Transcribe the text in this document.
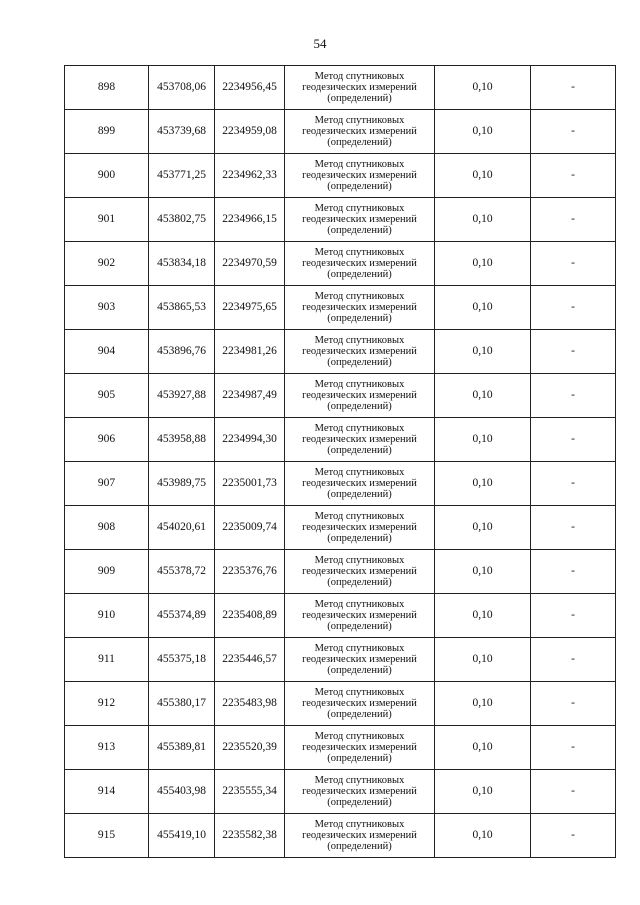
54
898	453708,06	2234956,45	Метод спутниковых
геодезических измерений
(определений)	0,10	-
899	453739,68	2234959,08	Метод спутниковых
геодезических измерений
(определений)	0,10	-
900	453771,25	2234962,33	Метод спутниковых
геодезических измерений
(определений)	0,10	-
901	453802,75	2234966,15	Метод спутниковых
геодезических измерений
(определений)	0,10	-
902	453834,18	2234970,59	Метод спутниковых
геодезических измерений
(определений)	0,10	-
903	453865,53	2234975,65	Метод спутниковых
геодезических измерений
(определений)	0,10	-
904	453896,76	2234981,26	Метод спутниковых
геодезических измерений
(определений)	0,10	-
905	453927,88	2234987,49	Метод спутниковых
геодезических измерений
(определений)	0,10	-
906	453958,88	2234994,30	Метод спутниковых
геодезических измерений
(определений)	0,10	-
907	453989,75	2235001,73	Метод спутниковых
геодезических измерений
(определений)	0,10	-
908	454020,61	2235009,74	Метод спутниковых
геодезических измерений
(определений)	0,10	-
909	455378,72	2235376,76	Метод спутниковых
геодезических измерений
(определений)	0,10	-
910	455374,89	2235408,89	Метод спутниковых
геодезических измерений
(определений)	0,10	-
911	455375,18	2235446,57	Метод спутниковых
геодезических измерений
(определений)	0,10	-
912	455380,17	2235483,98	Метод спутниковых
геодезических измерений
(определений)	0,10	-
913	455389,81	2235520,39	Метод спутниковых
геодезических измерений
(определений)	0,10	-
914	455403,98	2235555,34	Метод спутниковых
геодезических измерений
(определений)	0,10	-
915	455419,10	2235582,38	Метод спутниковых
геодезических измерений
(определений)	0,10	-
